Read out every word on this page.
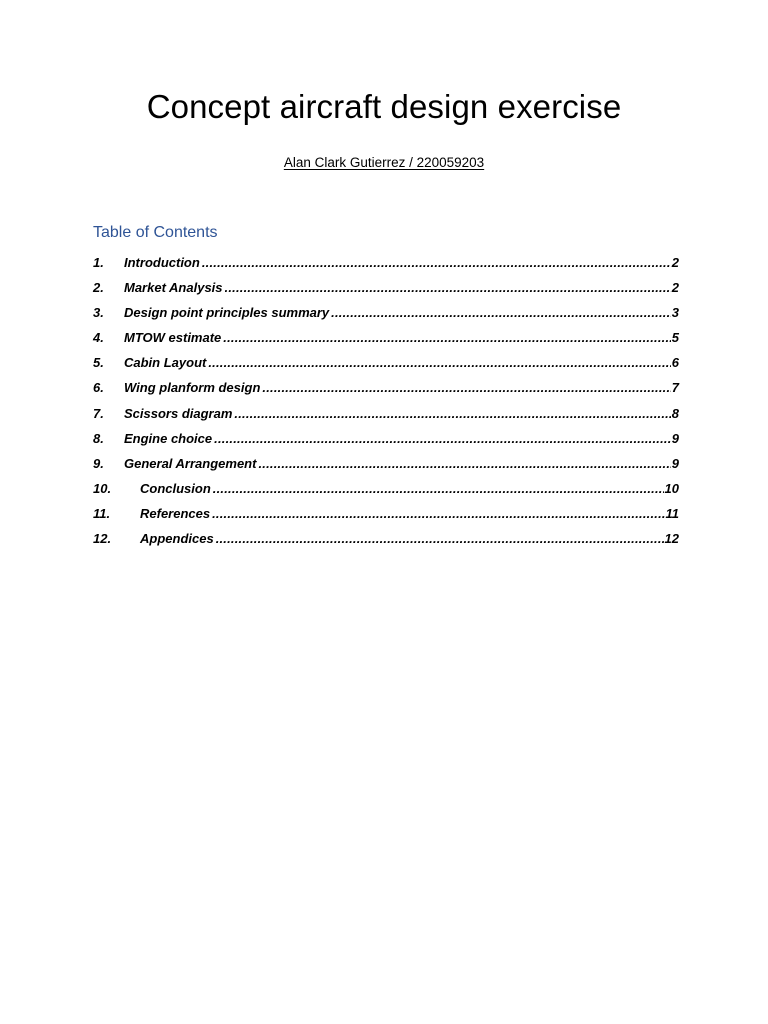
Concept aircraft design exercise
Alan Clark Gutierrez / 220059203
Table of Contents
1.	Introduction .....	2
2.	Market Analysis .....	2
3.	Design point principles summary .....	3
4.	MTOW estimate .....	5
5.	Cabin Layout .....	6
6.	Wing planform design .....	7
7.	Scissors diagram .....	8
8.	Engine choice .....	9
9.	General Arrangement .....	9
10.	Conclusion .....	10
11.	References .....	11
12.	Appendices .....	12
